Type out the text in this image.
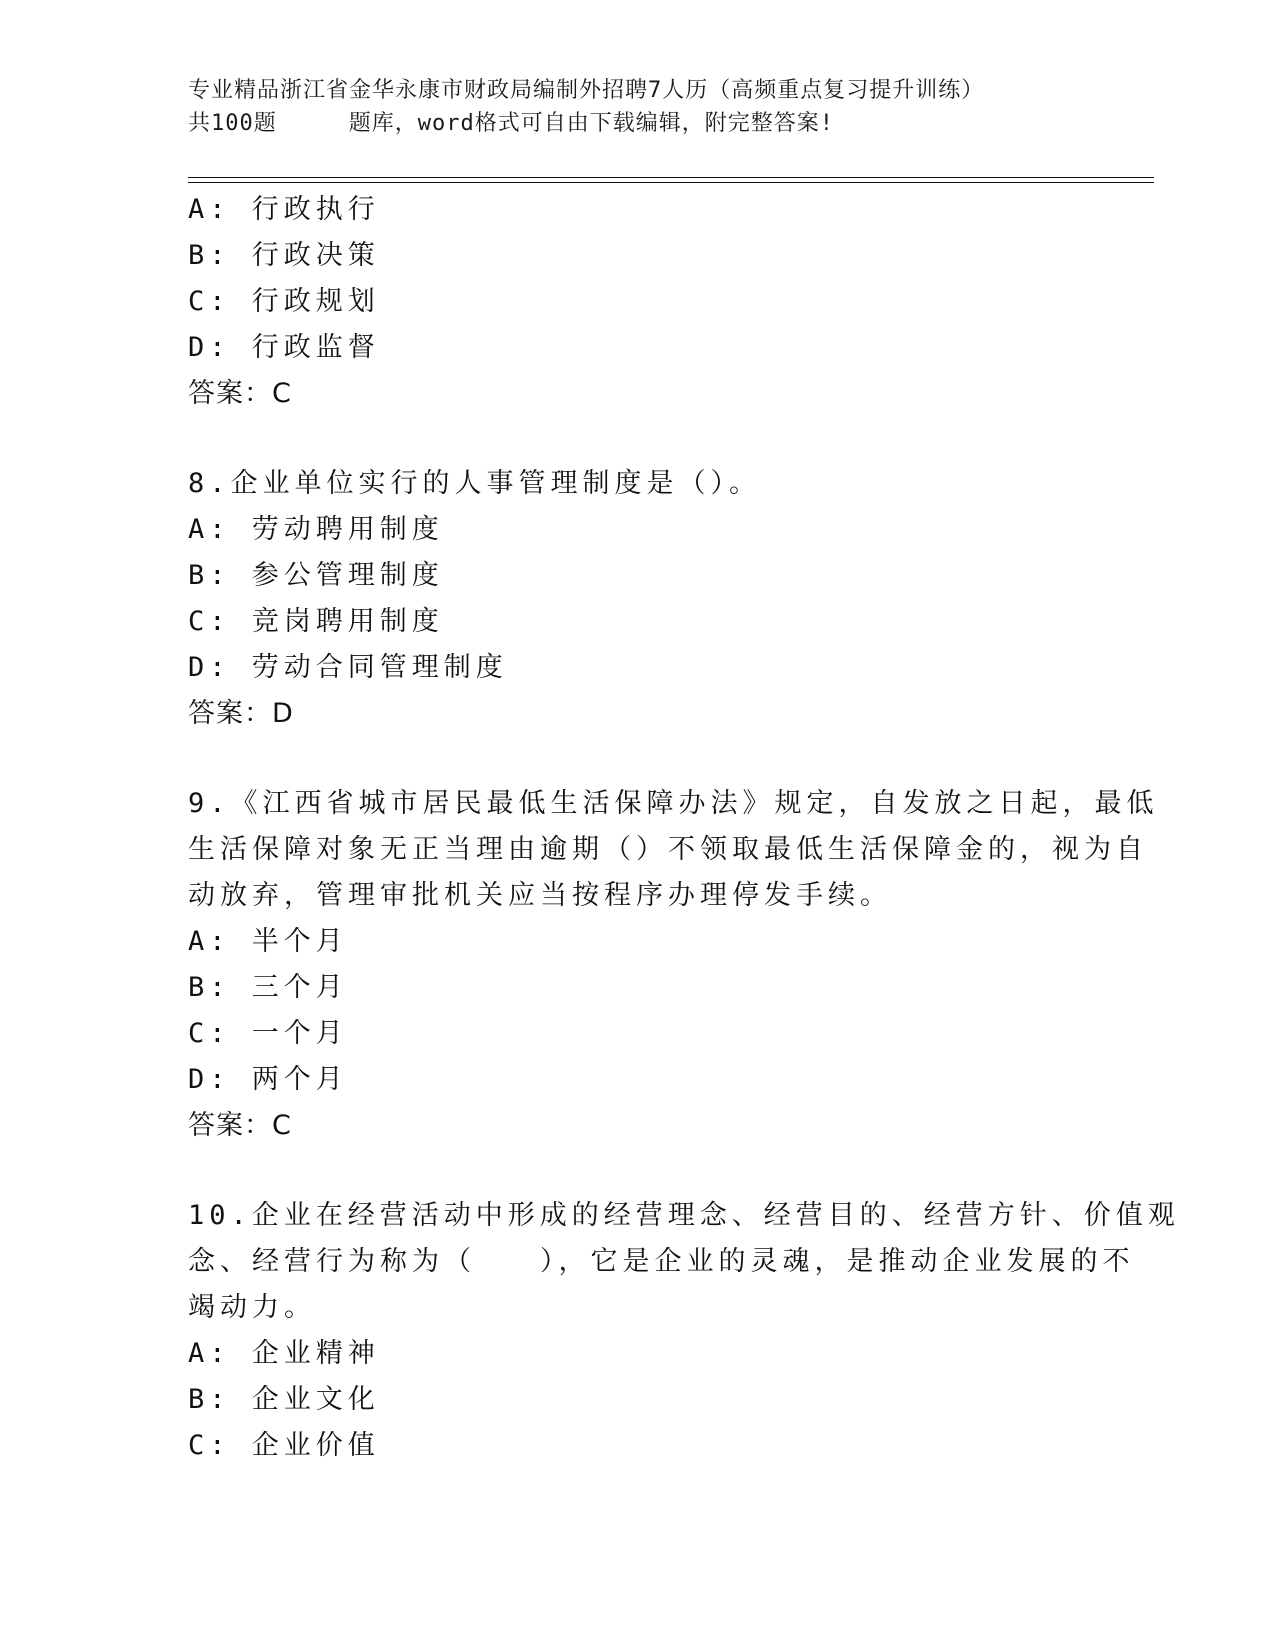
专业精品浙江省金华永康市财政局编制外招聘7人历（高频重点复习提升训练）
共100题	题库，word格式可自由下载编辑，附完整答案!
A: 行政执行
B: 行政决策
C: 行政规划
D: 行政监督
答案：C
8.企业单位实行的人事管理制度是（）。
A: 劳动聘用制度
B: 参公管理制度
C: 竞岗聘用制度
D: 劳动合同管理制度
答案：D
9.《江西省城市居民最低生活保障办法》规定，自发放之日起，最低
生活保障对象无正当理由逾期（）不领取最低生活保障金的，视为自
动放弃，管理审批机关应当按程序办理停发手续。
A: 半个月
B: 三个月
C: 一个月
D: 两个月
答案：C
10.企业在经营活动中形成的经营理念、经营目的、经营方针、价值观
念、经营行为称为（　　），它是企业的灵魂，是推动企业发展的不
竭动力。
A: 企业精神
B: 企业文化
C: 企业价值
